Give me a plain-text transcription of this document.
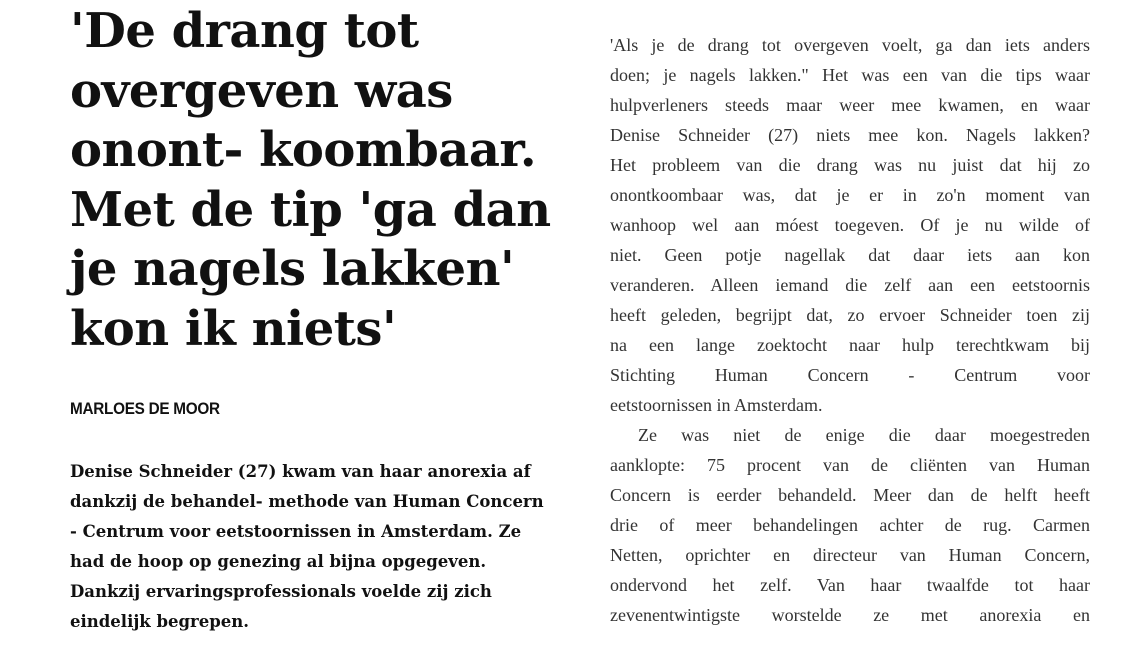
'De drang tot
overgeven was
onont- koombaar.
Met de tip 'ga dan
je nagels lakken'
kon ik niets'
MARLOES DE MOOR
Denise Schneider (27) kwam van haar anorexia af
dankzij de behandel- methode van Human Concern
- Centrum voor eetstoornissen in Amsterdam. Ze
had de hoop op genezing al bijna opgegeven.
Dankzij ervaringsprofessionals voelde zij zich
eindelijk begrepen.

'Als je de drang tot overgeven voelt, ga dan iets anders
doen; je nagels lakken." Het was een van die tips waar
hulpverleners steeds maar weer mee kwamen, en waar
Denise Schneider (27) niets mee kon. Nagels lakken?
Het probleem van die drang was nu juist dat hij zo
onontkoombaar was, dat je er in zo'n moment van
wanhoop wel aan móest toegeven. Of je nu wilde of
niet. Geen potje nagellak dat daar iets aan kon
veranderen. Alleen iemand die zelf aan een eetstoornis
heeft geleden, begrijpt dat, zo ervoer Schneider toen zij
na een lange zoektocht naar hulp terechtkwam bij
Stichting Human Concern - Centrum voor
eetstoornissen in Amsterdam.

Ze was niet de enige die daar moegestreden
aanklopte: 75 procent van de cliënten van Human
Concern is eerder behandeld. Meer dan de helft heeft
drie of meer behandelingen achter de rug. Carmen
Netten, oprichter en directeur van Human Concern,
ondervond het zelf. Van haar twaalfde tot haar
zevenentwintigste worstelde ze met anorexia en
